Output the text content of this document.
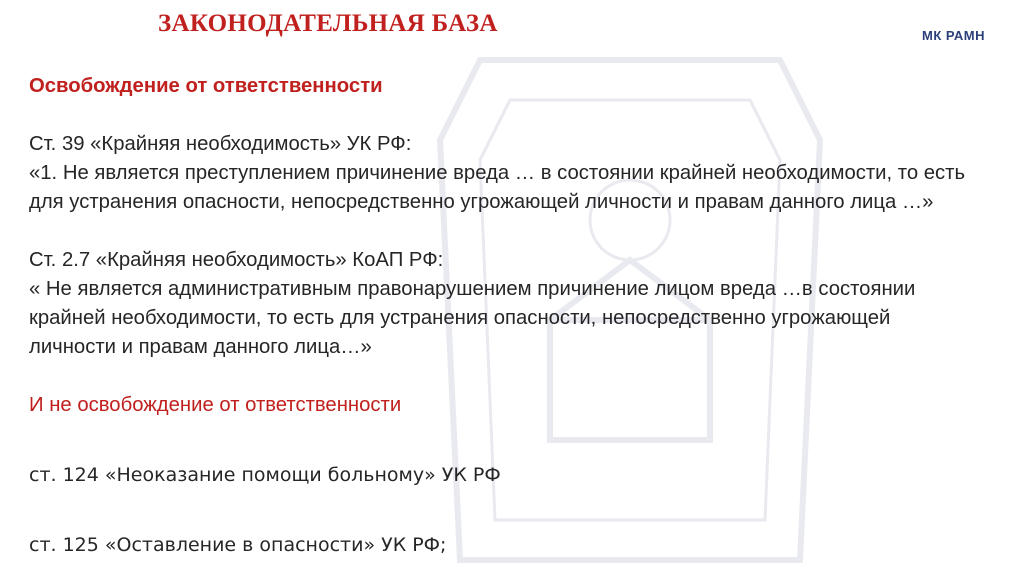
ЗАКОНОДАТЕЛЬНАЯ БАЗА	МК РАМН

Освобождение от ответственности

Ст. 39 «Крайняя необходимость» УК РФ:

«1. Не является преступлением причинение вреда … в состоянии крайней необходимости, то есть

для устранения опасности, непосредственно угрожающей личности и правам данного лица …»

Ст. 2.7 «Крайняя необходимость» КоАП РФ:

« Не является административным правонарушением причинение лицом вреда …в состоянии

крайней необходимости, то есть для устранения опасности, непосредственно угрожающей

личности и правам данного лица…»

И не освобождение от ответственности

ст. 124 «Неоказание помощи больному» УК РФ

ст. 125 «Оставление в опасности» УК РФ;
